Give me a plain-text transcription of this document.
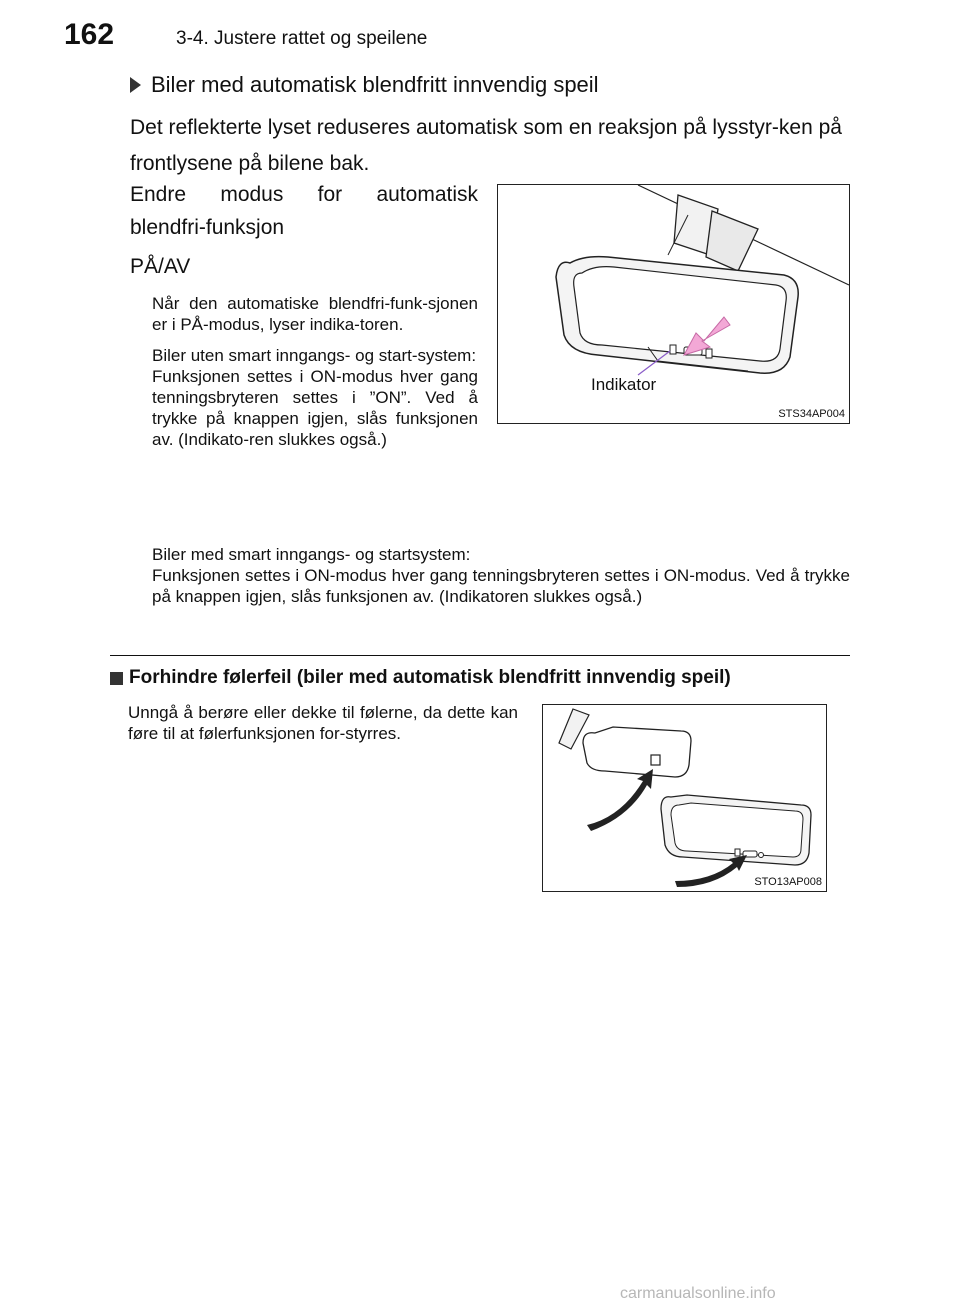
162	3-4. Justere rattet og speilene
Biler med automatisk blendfritt innvendig speil
Det reflekterte lyset reduseres automatisk som en reaksjon på lysstyr-ken på frontlysene på bilene bak.
Endre modus for automatisk
blendfri-funksjon
PÅ/AV
Når den automatiske blendfri-funk-sjonen er i PÅ-modus, lyser indika-toren.
Biler uten smart inngangs- og start-system:
Funksjonen settes i ON-modus hver gang tenningsbryteren settes i ”ON”. Ved å trykke på knappen igjen, slås funksjonen av. (Indikato-ren slukkes også.)
Biler med smart inngangs- og startsystem:
Funksjonen settes i ON-modus hver gang tenningsbryteren settes i ON-modus. Ved å trykke på knappen igjen, slås funksjonen av. (Indikatoren slukkes også.)
Indikator
STS34AP004
Forhindre følerfeil (biler med automatisk blendfritt innvendig speil)
Unngå å berøre eller dekke til følerne, da dette kan føre til at følerfunksjonen for-styrres.
STO13AP008
carmanualsonline.info
